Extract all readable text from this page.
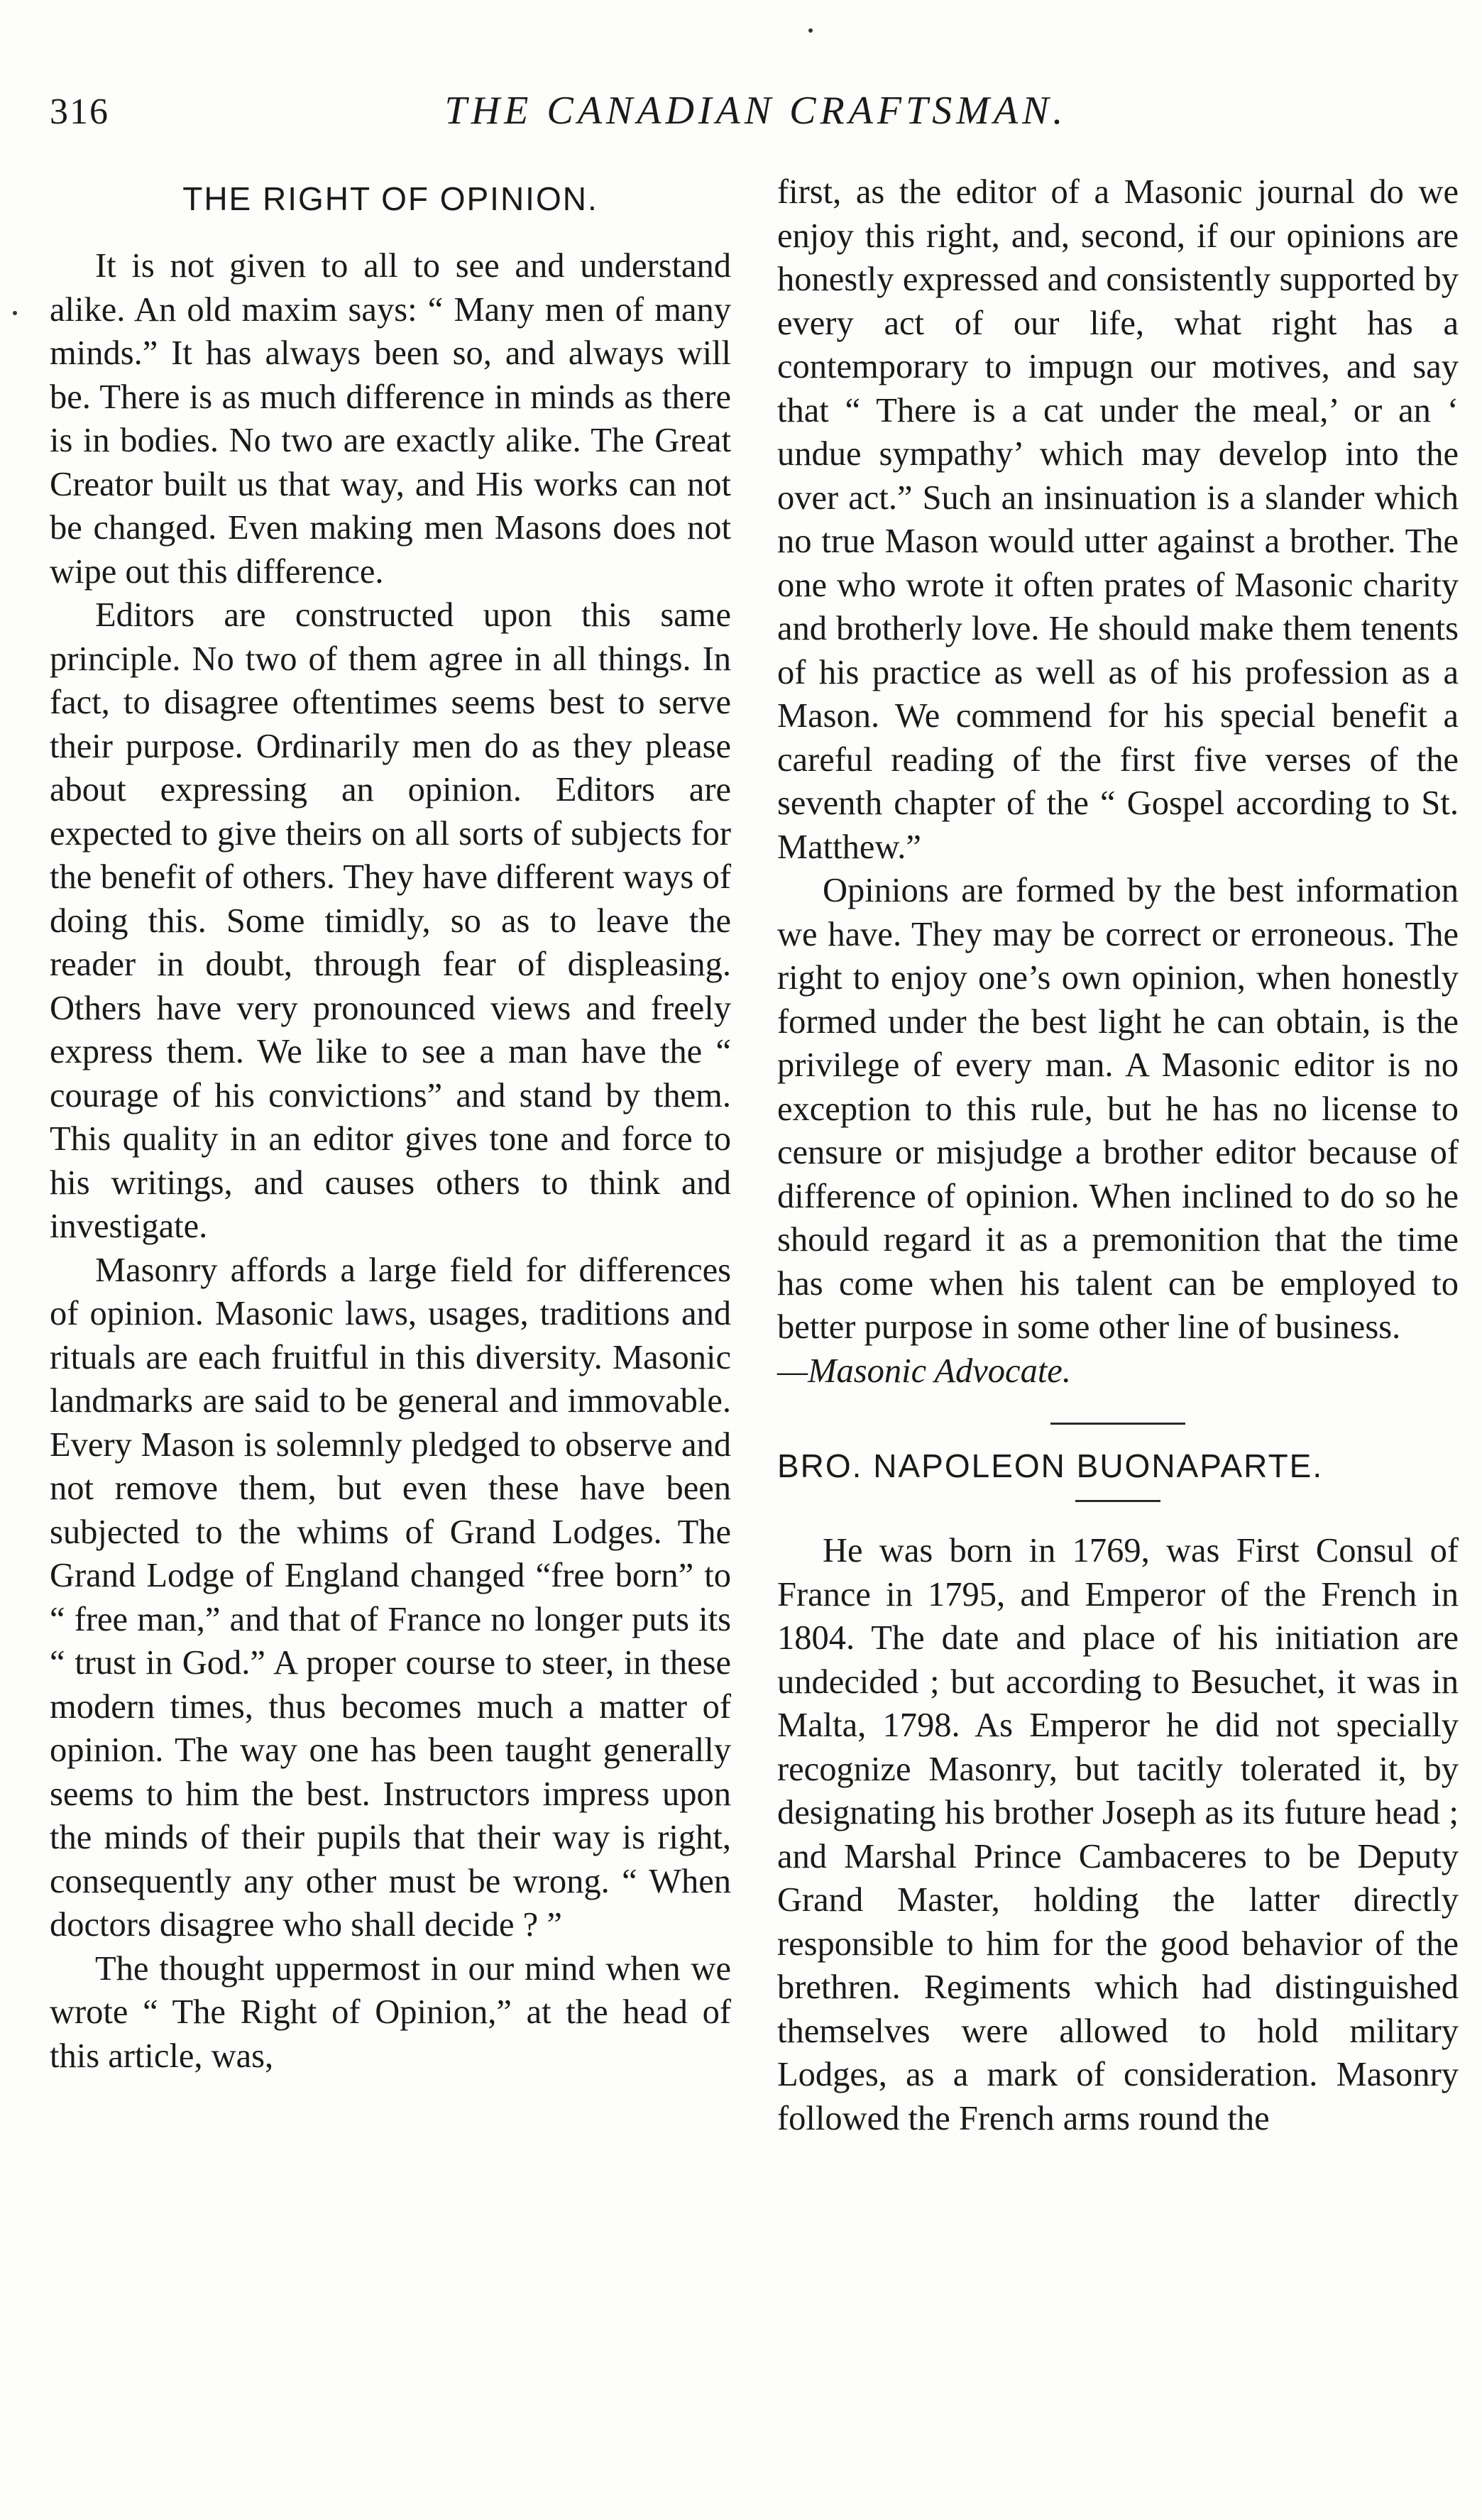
316	THE CANADIAN CRAFTSMAN.
THE RIGHT OF OPINION.

It is not given to all to see and understand alike. An old maxim says: “ Many men of many minds.” It has always been so, and always will be. There is as much difference in minds as there is in bodies. No two are exactly alike. The Great Creator built us that way, and His works can not be changed. Even making men Masons does not wipe out this difference.

Editors are constructed upon this same principle. No two of them agree in all things. In fact, to disagree oftentimes seems best to serve their purpose. Ordinarily men do as they please about expressing an opinion. Editors are expected to give theirs on all sorts of subjects for the benefit of others. They have different ways of doing this. Some timidly, so as to leave the reader in doubt, through fear of displeasing. Others have very pronounced views and freely express them. We like to see a man have the “ courage of his convictions” and stand by them. This quality in an editor gives tone and force to his writings, and causes others to think and investigate.

Masonry affords a large field for differences of opinion. Masonic laws, usages, traditions and rituals are each fruitful in this diversity. Masonic landmarks are said to be general and immovable. Every Mason is solemnly pledged to observe and not remove them, but even these have been subjected to the whims of Grand Lodges. The Grand Lodge of England changed “free born” to “ free man,” and that of France no longer puts its “ trust in God.” A proper course to steer, in these modern times, thus becomes much a matter of opinion. The way one has been taught generally seems to him the best. Instructors impress upon the minds of their pupils that their way is right, consequently any other must be wrong. “ When doctors disagree who shall decide ? ”

The thought uppermost in our mind when we wrote “ The Right of Opinion,” at the head of this article, was,

first, as the editor of a Masonic journal do we enjoy this right, and, second, if our opinions are honestly expressed and consistently supported by every act of our life, what right has a contemporary to impugn our motives, and say that “ There is a cat under the meal,’ or an ‘ undue sympathy’ which may develop into the over act.” Such an insinuation is a slander which no true Mason would utter against a brother. The one who wrote it often prates of Masonic charity and brotherly love. He should make them tenents of his practice as well as of his profession as a Mason. We commend for his special benefit a careful reading of the first five verses of the seventh chapter of the “ Gospel according to St. Matthew.”

Opinions are formed by the best information we have. They may be correct or erroneous. The right to enjoy one’s own opinion, when honestly formed under the best light he can obtain, is the privilege of every man. A Masonic editor is no exception to this rule, but he has no license to censure or misjudge a brother editor because of difference of opinion. When inclined to do so he should regard it as a premonition that the time has come when his talent can be employed to better purpose in some other line of business.

—Masonic Advocate.

BRO. NAPOLEON BUONAPARTE.

He was born in 1769, was First Consul of France in 1795, and Emperor of the French in 1804. The date and place of his initiation are undecided ; but according to Besuchet, it was in Malta, 1798. As Emperor he did not specially recognize Masonry, but tacitly tolerated it, by designating his brother Joseph as its future head ; and Marshal Prince Cambaceres to be Deputy Grand Master, holding the latter directly responsible to him for the good behavior of the brethren. Regiments which had distinguished themselves were allowed to hold military Lodges, as a mark of consideration. Masonry followed the French arms round the
